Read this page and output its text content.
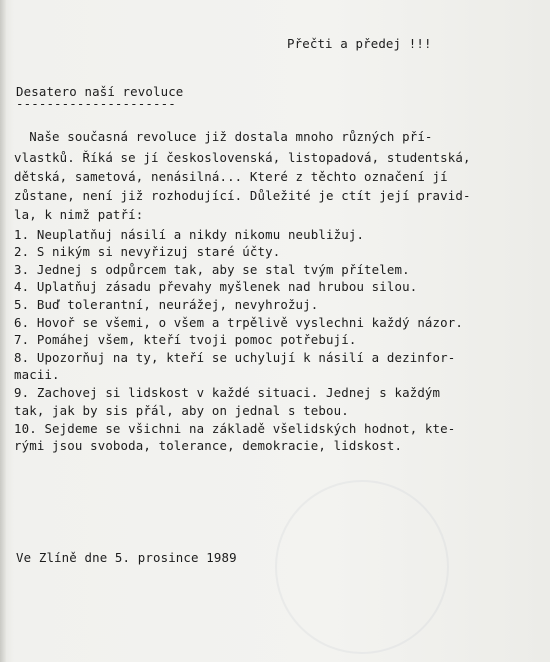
Přečti a předej !!!
Desatero naší revoluce
---------------------
Naše současná revoluce již dostala mnoho různých pří-
vlastků. Říká se jí československá, listopadová, studentská,
dětská, sametová, nenásilná... Které z těchto označení jí
zůstane, není již rozhodující. Důležité je ctít její pravid-
la, k nimž patří:
1. Neuplatňuj násilí a nikdy nikomu neubližuj.
2. S nikým si nevyřizuj staré účty.
3. Jednej s odpůrcem tak, aby se stal tvým přítelem.
4. Uplatňuj zásadu převahy myšlenek nad hrubou silou.
5. Buď tolerantní, neurážej, nevyhrožuj.
6. Hovoř se všemi, o všem a trpělivě vyslechni každý názor.
7. Pomáhej všem, kteří tvoji pomoc potřebují.
8. Upozorňuj na ty, kteří se uchylují k násilí a dezinfor-
macii.
9. Zachovej si lidskost v každé situaci. Jednej s každým
tak, jak by sis přál, aby on jednal s tebou.
10. Sejdeme se všichni na základě všelidských hodnot, kte-
rými jsou svoboda, tolerance, demokracie, lidskost.
Ve Zlíně dne 5. prosince 1989
